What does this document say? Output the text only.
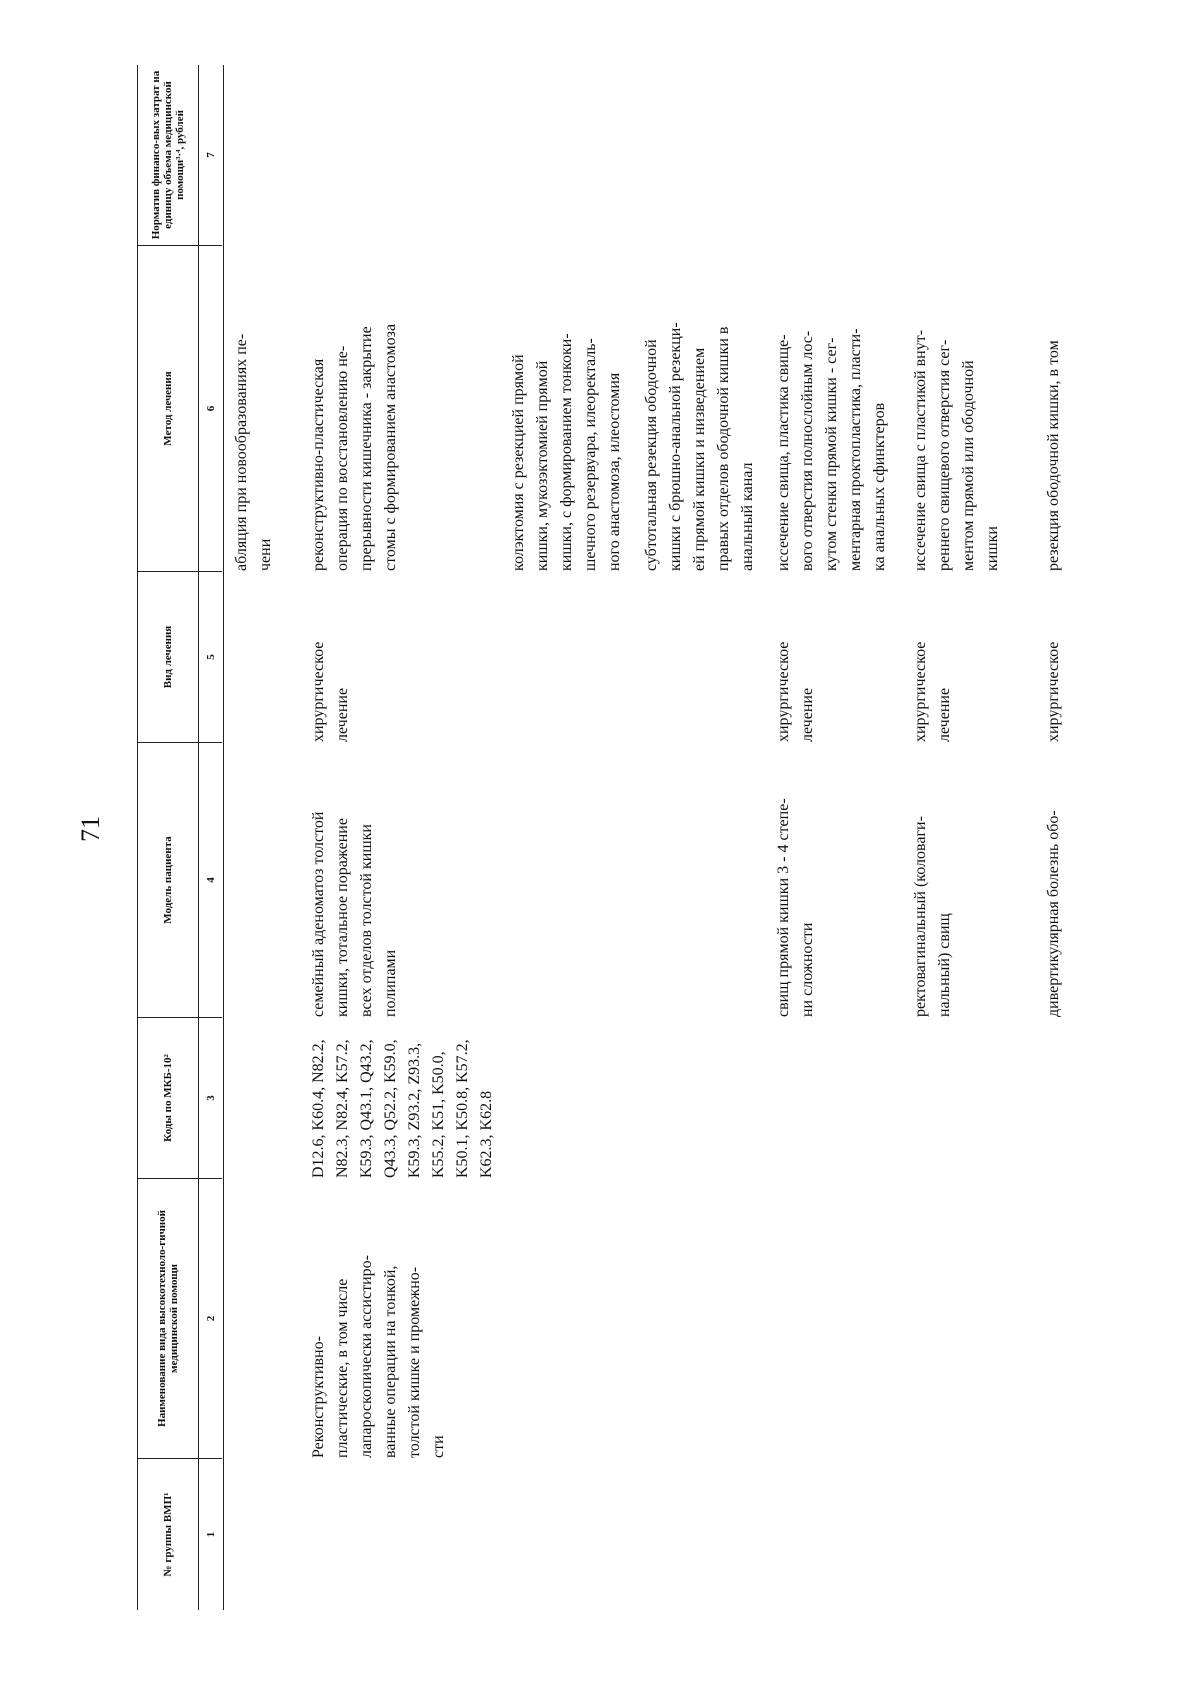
71
№ группы ВМП¹
Наименование вида высокотехноло-гичной медицинской помощи
Коды по МКБ-10²
Модель пациента
Вид лечения
Метод лечения
Норматив финансо-вых затрат на единицу объема медицинской помощи³·⁴, рублей
1
2
3
4
5
6
7
абляция при новообразованиях пе- чени
Реконструктивно- пластические, в том числе лапароскопически ассистиро- ванные операции на тонкой, толстой кишке и промежно- сти
D12.6, K60.4, N82.2, N82.3, N82.4, K57.2, K59.3, Q43.1, Q43.2, Q43.3, Q52.2, K59.0, K59.3, Z93.2, Z93.3, K55.2, K51, K50.0, K50.1, K50.8, K57.2, K62.3, K62.8
семейный аденоматоз толстой кишки, тотальное поражение всех отделов толстой кишки полипами
хирургическое лечение
реконструктивно-пластическая операция по восстановлению не- прерывности кишечника - закрытие стомы с формированием анастомоза	колэктомия с резекцией прямой кишки, мукозэктомией прямой кишки, с формированием тонкоки- шечного резервуара, илеоректаль- ного анастомоза, илеостомия субтотальная резекция ободочной кишки с брюшно-анальной резекци- ей прямой кишки и низведением правых отделов ободочной кишки в анальный канал
свищ прямой кишки 3 - 4 степе- ни сложности
хирургическое лечение
иссечение свища, пластика свище- вого отверстия полнослойным лос- кутом стенки прямой кишки - сег- ментарная проктопластика, пласти- ка анальных сфинктеров
ректовагинальный (коловаги- нальный) свищ
хирургическое лечение
иссечение свища с пластикой внут- реннего свищевого отверстия сег- ментом прямой или ободочной кишки
дивертикулярная болезнь обо-
хирургическое
резекция ободочной кишки, в том
